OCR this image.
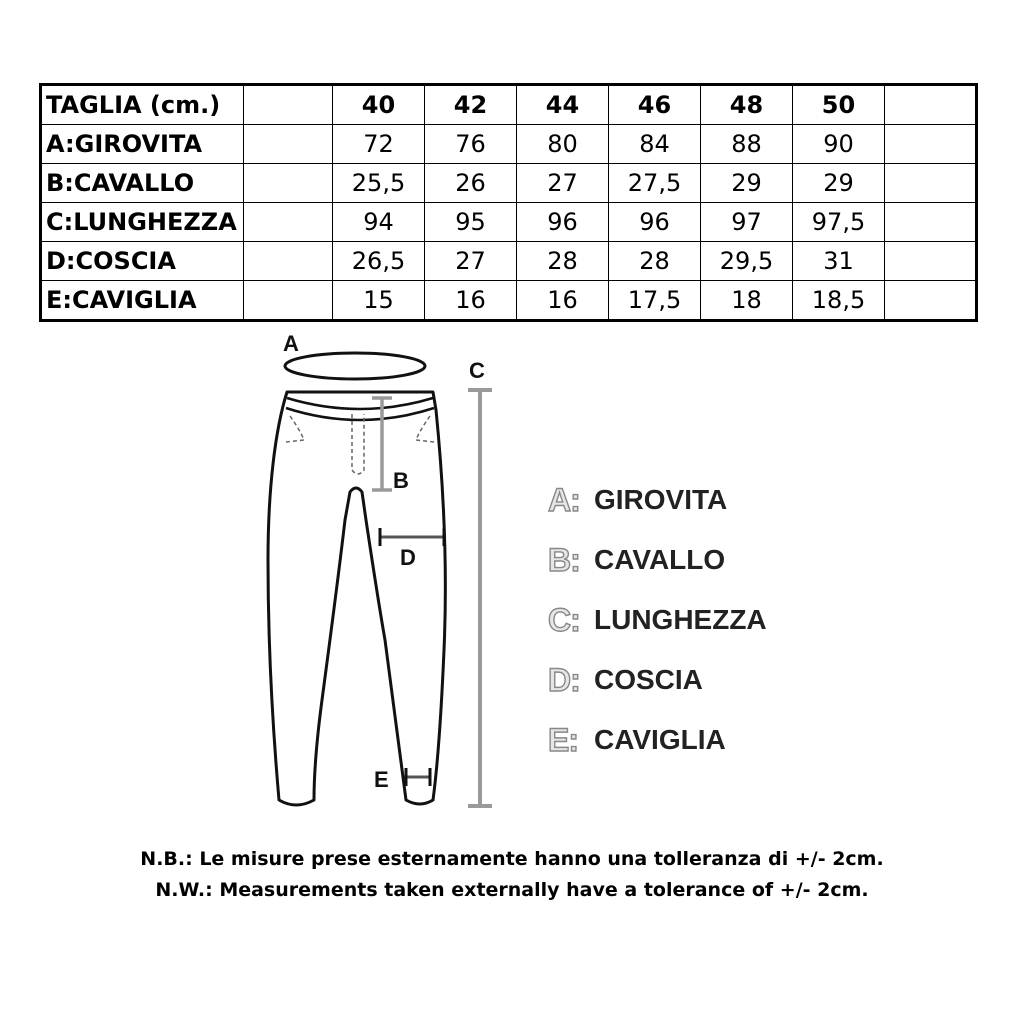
TAGLIA (cm.)		40	42	44	46	48	50	
A:GIROVITA		72	76	80	84	88	90	
B:CAVALLO		25,5	26	27	27,5	29	29	
C:LUNGHEZZA		94	95	96	96	97	97,5	
D:COSCIA		26,5	27	28	28	29,5	31	
E:CAVIGLIA		15	16	16	17,5	18	18,5	
A
B
C
D
E
A: GIROVITA
B: CAVALLO
C: LUNGHEZZA
D: COSCIA
E: CAVIGLIA
N.B.: Le misure prese esternamente hanno una tolleranza di +/- 2cm.
N.W.: Measurements taken externally have a tolerance of +/- 2cm.
